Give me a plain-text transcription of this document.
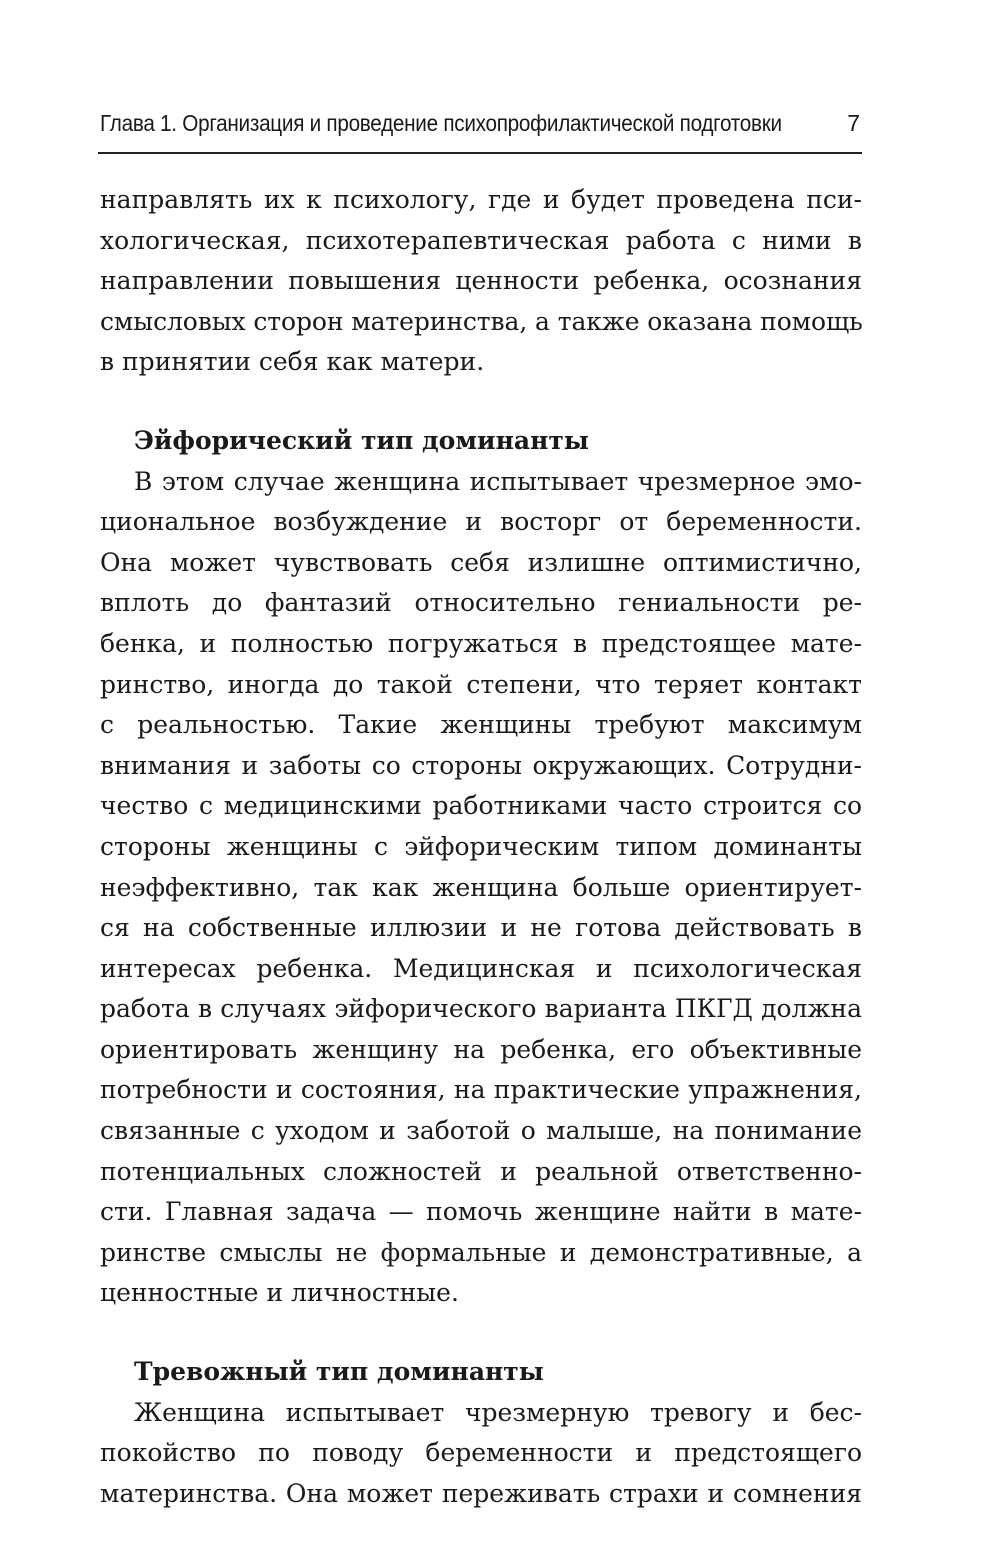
Глава 1. Организация и проведение психопрофилактической подготовки	7
направлять их к психологу, где и будет проведена пси-
хологическая, психотерапевтическая работа с ними в
направлении повышения ценности ребенка, осознания
смысловых сторон материнства, а также оказана помощь
в принятии себя как матери.
Эйфорический тип доминанты
В этом случае женщина испытывает чрезмерное эмо-
циональное возбуждение и восторг от беременности.
Она может чувствовать себя излишне оптимистично,
вплоть до фантазий относительно гениальности ре-
бенка, и полностью погружаться в предстоящее мате-
ринство, иногда до такой степени, что теряет контакт
с реальностью. Такие женщины требуют максимум
внимания и заботы со стороны окружающих. Сотрудни-
чество с медицинскими работниками часто строится со
стороны женщины с эйфорическим типом доминанты
неэффективно, так как женщина больше ориентирует-
ся на собственные иллюзии и не готова действовать в
интересах ребенка. Медицинская и психологическая
работа в случаях эйфорического варианта ПКГД должна
ориентировать женщину на ребенка, его объективные
потребности и состояния, на практические упражнения,
связанные с уходом и заботой о малыше, на понимание
потенциальных сложностей и реальной ответственно-
сти. Главная задача — помочь женщине найти в мате-
ринстве смыслы не формальные и демонстративные, а
ценностные и личностные.
Тревожный тип доминанты
Женщина испытывает чрезмерную тревогу и бес-
покойство по поводу беременности и предстоящего
материнства. Она может переживать страхи и сомнения
